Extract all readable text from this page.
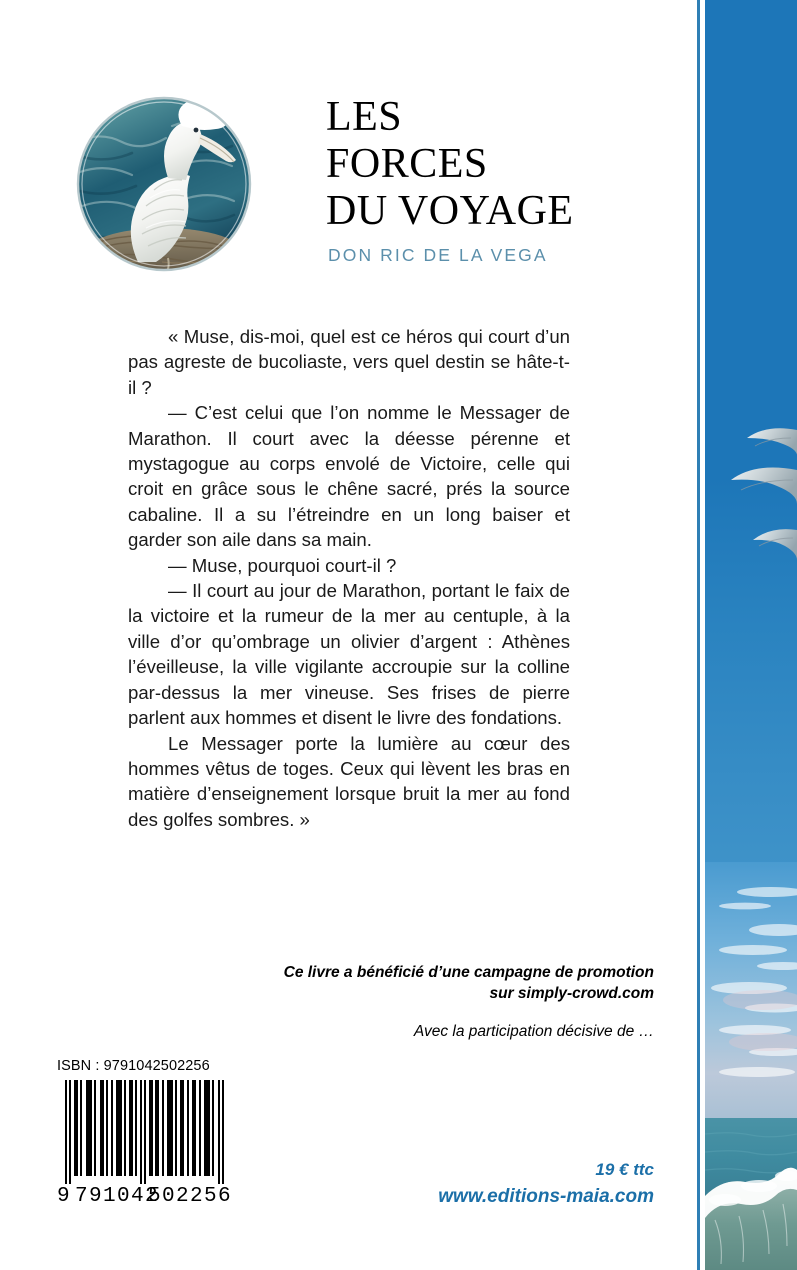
LES
FORCES
DU VOYAGE
DON RIC DE LA VEGA

« Muse, dis-moi, quel est ce héros qui court d’un pas agreste de bucoliaste, vers quel destin se hâte-t-il ?

— C’est celui que l’on nomme le Messager de Marathon. Il court avec la déesse pérenne et mystagogue au corps envolé de Victoire, celle qui croit en grâce sous le chêne sacré, prés la source cabaline. Il a su l’étreindre en un long baiser et garder son aile dans sa main.

— Muse, pourquoi court-il ?

— Il court au jour de Marathon, portant le faix de la victoire et la rumeur de la mer au centuple, à la ville d’or qu’ombrage un olivier d’argent : Athènes l’éveilleuse, la ville vigilante accroupie sur la colline par-dessus la mer vineuse. Ses frises de pierre parlent aux hommes et disent le livre des fondations.

Le Messager porte la lumière au cœur des hommes vêtus de toges. Ceux qui lèvent les bras en matière d’enseignement lorsque bruit la mer au fond des golfes sombres. »

Ce livre a bénéficié d’une campagne de promotion
sur simply-crowd.com
Avec la participation décisive de …
ISBN : 9791042502256
9 791042
502256
19 € ttc
www.editions-maia.com
